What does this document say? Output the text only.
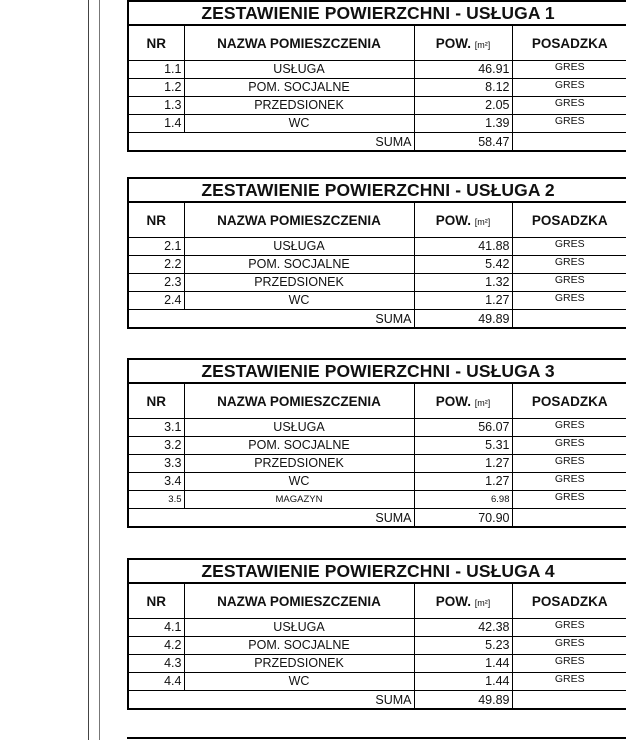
ZESTAWIENIE POWIERZCHNI - USŁUGA 1			
NR	NAZWA POMIESZCZENIA	POW. [m²]	POSADZKA
1.1	USŁUGA	46.91	GRES
1.2	POM. SOCJALNE	8.12	GRES
1.3	PRZEDSIONEK	2.05	GRES
1.4	WC	1.39	GRES
SUMA		58.47	
ZESTAWIENIE POWIERZCHNI - USŁUGA 2			
NR	NAZWA POMIESZCZENIA	POW. [m²]	POSADZKA
2.1	USŁUGA	41.88	GRES
2.2	POM. SOCJALNE	5.42	GRES
2.3	PRZEDSIONEK	1.32	GRES
2.4	WC	1.27	GRES
SUMA		49.89	
ZESTAWIENIE POWIERZCHNI - USŁUGA 3			
NR	NAZWA POMIESZCZENIA	POW. [m²]	POSADZKA
3.1	USŁUGA	56.07	GRES
3.2	POM. SOCJALNE	5.31	GRES
3.3	PRZEDSIONEK	1.27	GRES
3.4	WC	1.27	GRES
3.5	MAGAZYN	6.98	GRES
SUMA		70.90	
ZESTAWIENIE POWIERZCHNI - USŁUGA 4			
NR	NAZWA POMIESZCZENIA	POW. [m²]	POSADZKA
4.1	USŁUGA	42.38	GRES
4.2	POM. SOCJALNE	5.23	GRES
4.3	PRZEDSIONEK	1.44	GRES
4.4	WC	1.44	GRES
SUMA		49.89	
